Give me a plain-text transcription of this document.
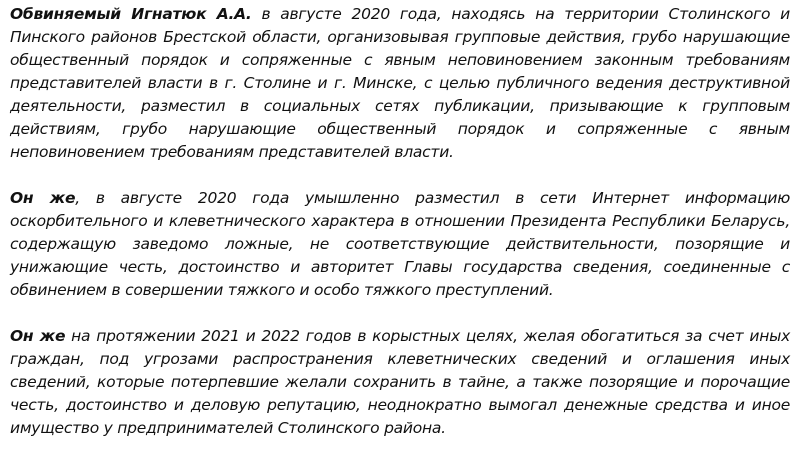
Обвиняемый Игнатюк А.А. в августе 2020 года, находясь на территории Столинского и Пинского районов Брестской области, организовывая групповые действия, грубо нарушающие общественный порядок и сопряженные с явным неповиновением законным требованиям представителей власти в г. Столине и г. Минске, с целью публичного ведения деструктивной деятельности, разместил в социальных сетях публикации, призывающие к групповым действиям, грубо нарушающие общественный порядок и сопряженные с явным неповиновением требованиям представителей власти.

Он же, в августе 2020 года умышленно разместил в сети Интернет информацию оскорбительного и клеветнического характера в отношении Президента Республики Беларусь, содержащую заведомо ложные, не соответствующие действительности, позорящие и унижающие честь, достоинство и авторитет Главы государства сведения, соединенные с обвинением в совершении тяжкого и особо тяжкого преступлений.

Он же на протяжении 2021 и 2022 годов в корыстных целях, желая обогатиться за счет иных граждан, под угрозами распространения клеветнических сведений и оглашения иных сведений, которые потерпевшие желали сохранить в тайне, а также позорящие и порочащие честь, достоинство и деловую репутацию, неоднократно вымогал денежные средства и иное имущество у предпринимателей Столинского района.
